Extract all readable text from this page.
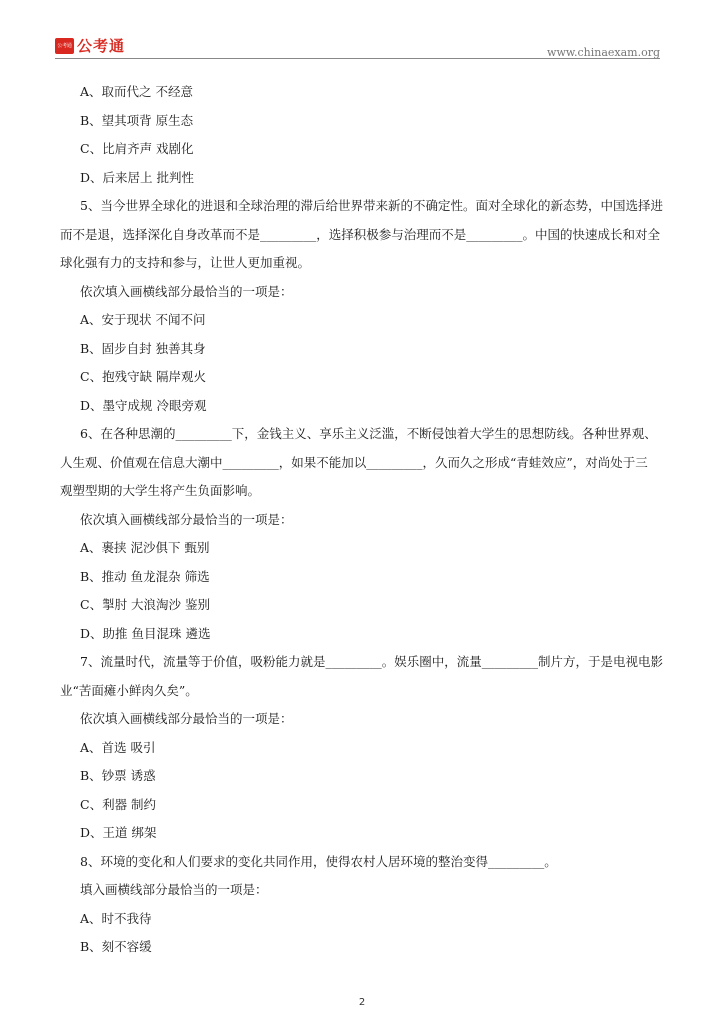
公考通 公考通	www.chinaexam.org
A、取而代之 不经意
B、望其项背 原生态
C、比肩齐声 戏剧化
D、后来居上 批判性
5、当今世界全球化的进退和全球治理的滞后给世界带来新的不确定性。面对全球化的新态势，中国选择进
而不是退，选择深化自身改革而不是_________，选择积极参与治理而不是_________。中国的快速成长和对全
球化强有力的支持和参与，让世人更加重视。
依次填入画横线部分最恰当的一项是：
A、安于现状 不闻不问
B、固步自封 独善其身
C、抱残守缺 隔岸观火
D、墨守成规 冷眼旁观
6、在各种思潮的_________下，金钱主义、享乐主义泛滥，不断侵蚀着大学生的思想防线。各种世界观、
人生观、价值观在信息大潮中_________，如果不能加以_________，久而久之形成“青蛙效应”，对尚处于三
观塑型期的大学生将产生负面影响。
依次填入画横线部分最恰当的一项是：
A、裹挟 泥沙俱下 甄别
B、推动 鱼龙混杂 筛选
C、掣肘 大浪淘沙 鉴别
D、助推 鱼目混珠 遴选
7、流量时代，流量等于价值，吸粉能力就是_________。娱乐圈中，流量_________制片方，于是电视电影
业“苦面瘫小鲜肉久矣”。
依次填入画横线部分最恰当的一项是：
A、首选 吸引
B、钞票 诱惑
C、利器 制约
D、王道 绑架
8、环境的变化和人们要求的变化共同作用，使得农村人居环境的整治变得_________。
填入画横线部分最恰当的一项是：
A、时不我待
B、刻不容缓
2
